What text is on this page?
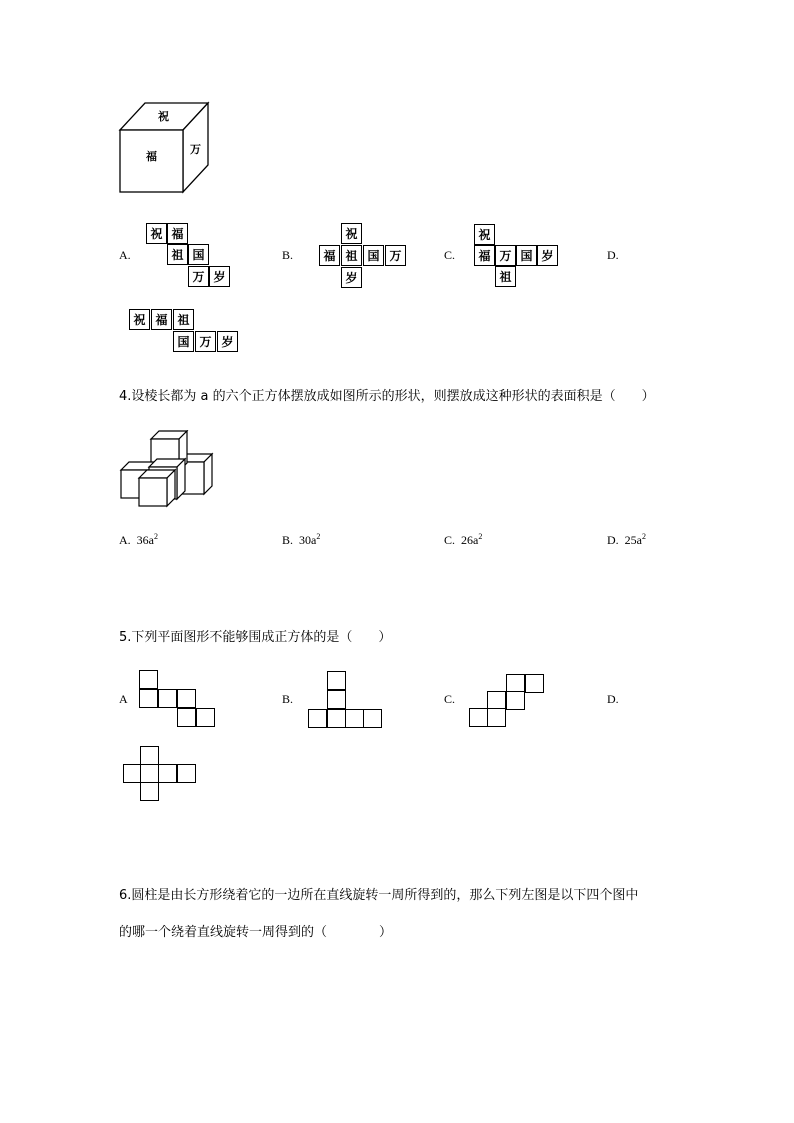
祝
福
万
A.
祝 福
祖 国
万 岁
B.
祝
福 祖 国 万
岁
C.
祝
福 万 国 岁
祖
D.
祝 福 祖
国 万 岁
4.设棱长都为 a 的六个正方体摆放成如图所示的形状，则摆放成这种形状的表面积是（　　）
A. $36a^2$	B. $30a^2$	C. $26a^2$	D. $25a^2$
5.下列平面图形不能够围成正方体的是（　　）
A	B.	C.	D.
6.圆柱是由长方形绕着它的一边所在直线旋转一周所得到的，那么下列左图是以下四个图中
的哪一个绕着直线旋转一周得到的（　　　　）
